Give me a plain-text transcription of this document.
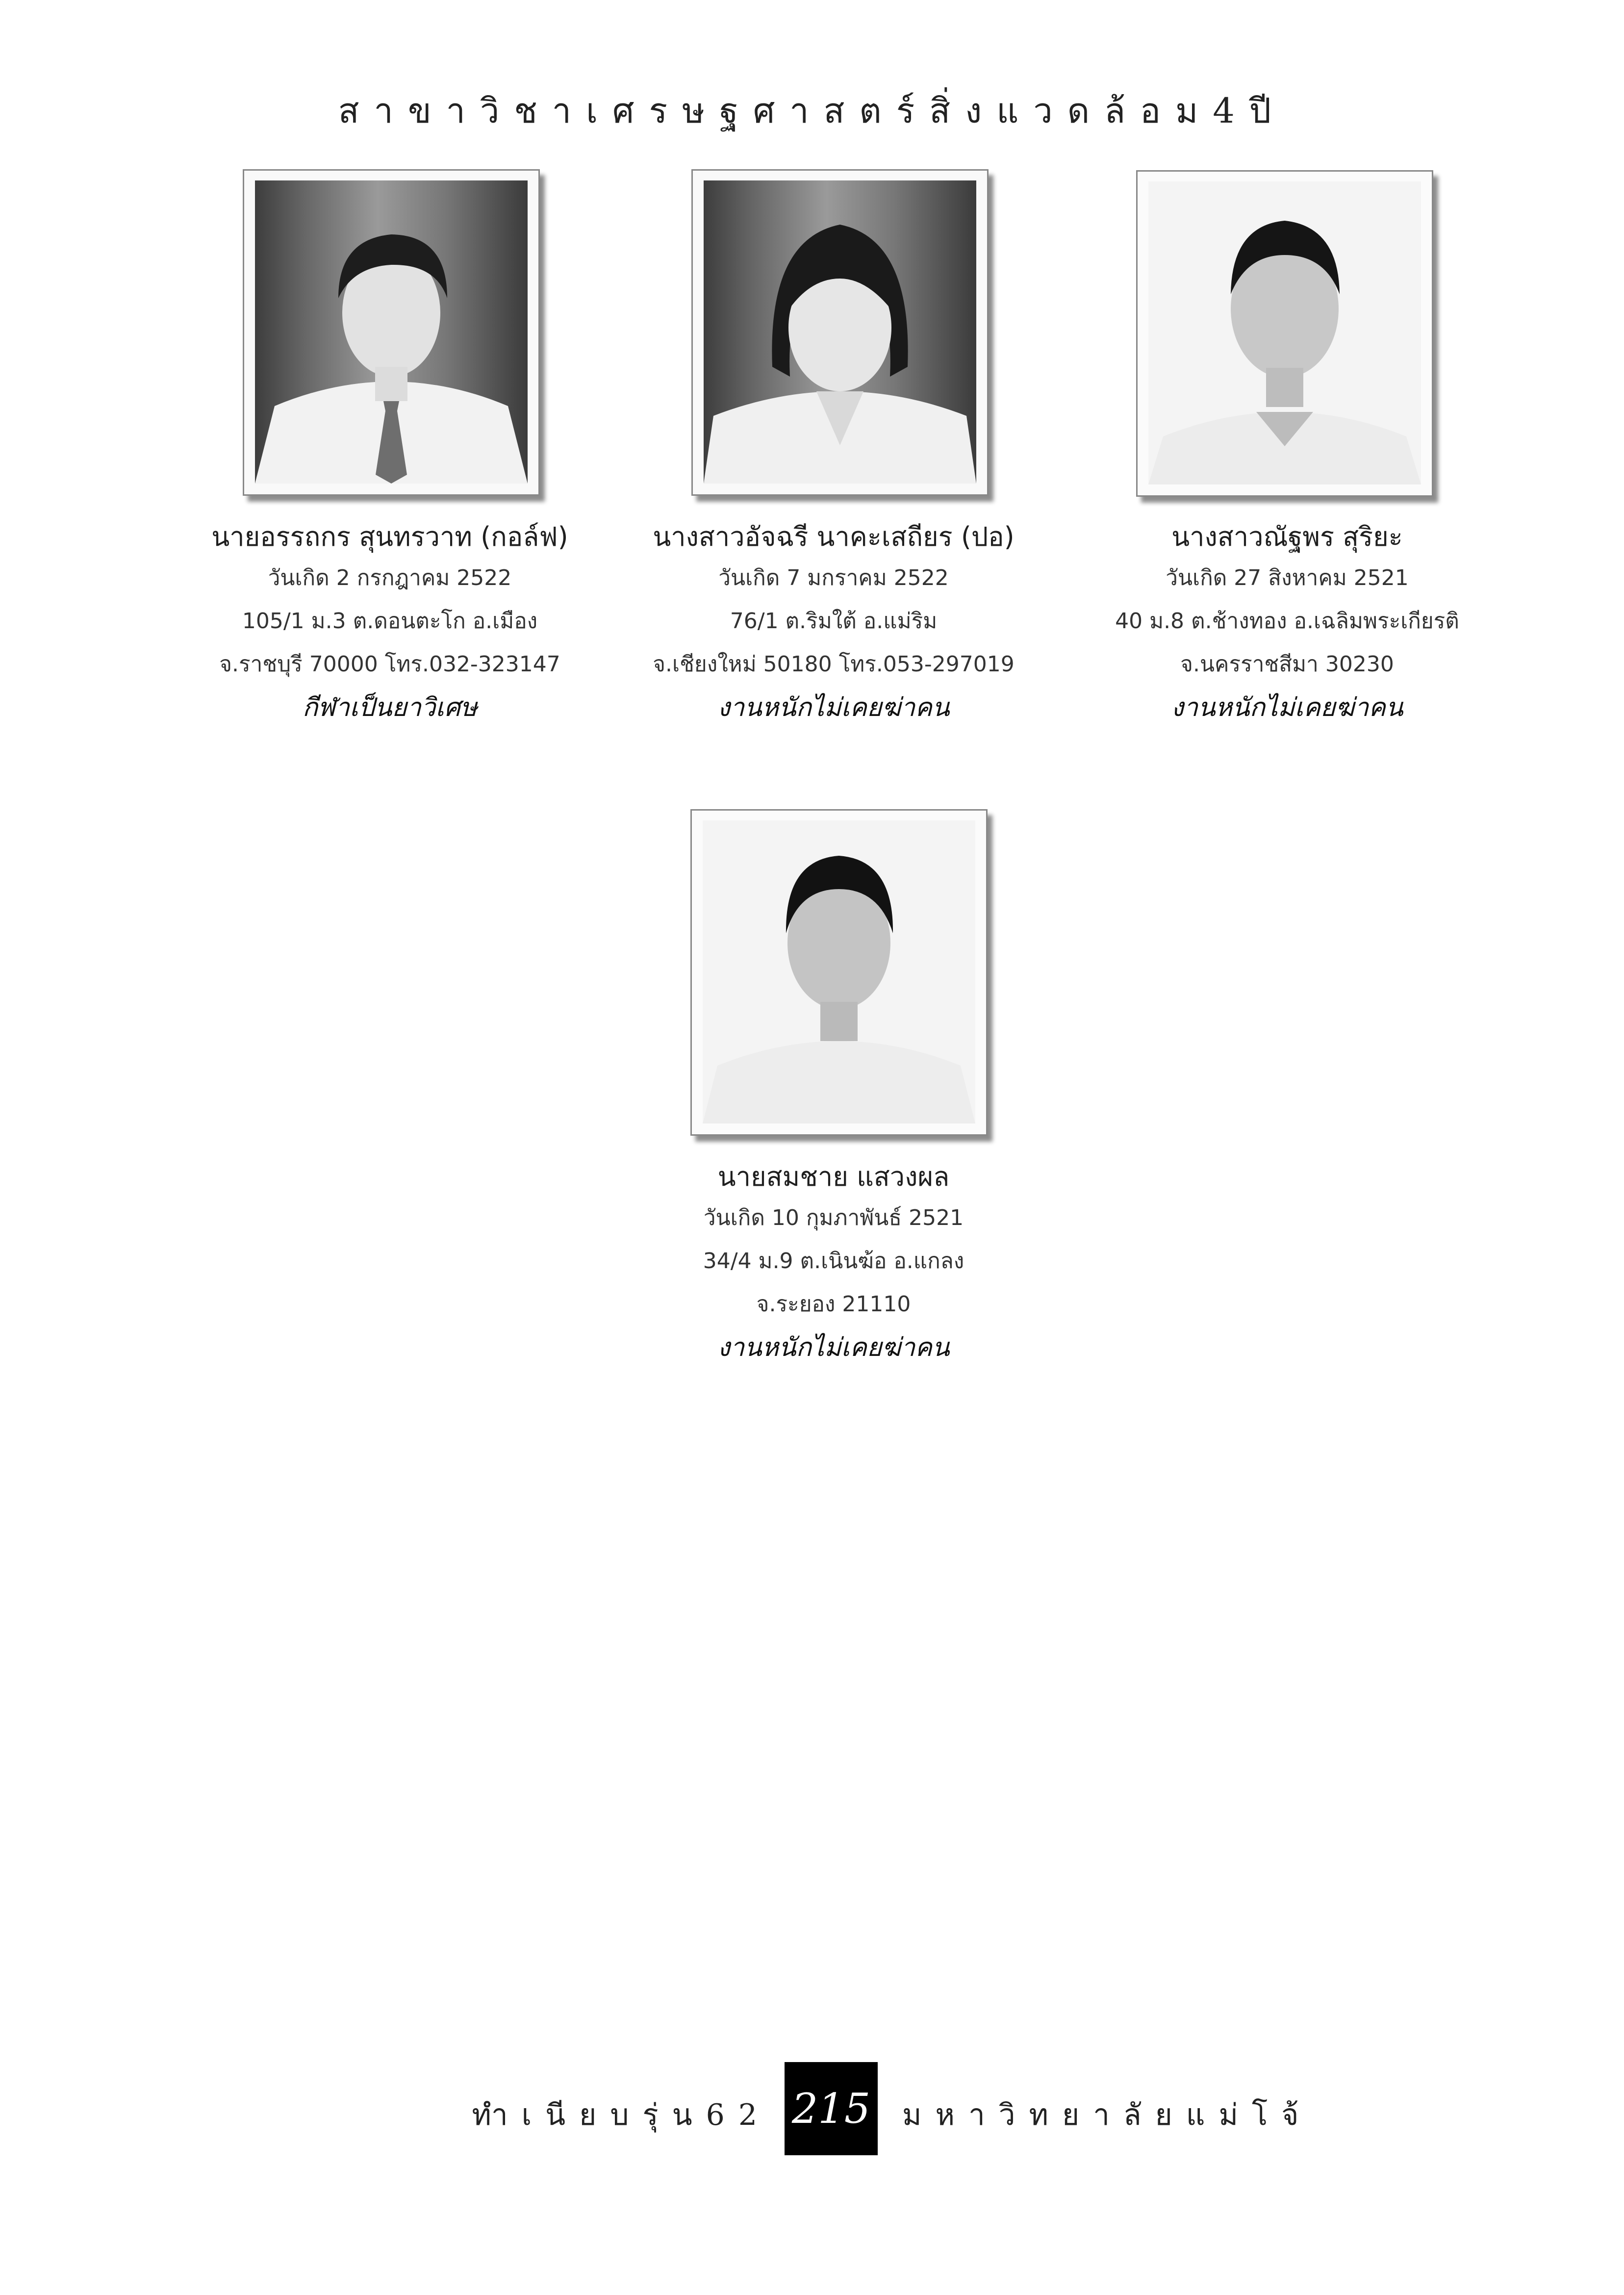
สาขาวิชาเศรษฐศาสตร์สิ่งแวดล้อม4ปี
นายอรรถกร สุนทรวาท (กอล์ฟ)
วันเกิด 2 กรกฎาคม 2522
105/1 ม.3 ต.ดอนตะโก อ.เมือง
จ.ราชบุรี 70000 โทร.032-323147
กีฬาเป็นยาวิเศษ
นางสาวอัจฉรี นาคะเสถียร (ปอ)
วันเกิด 7 มกราคม 2522
76/1 ต.ริมใต้ อ.แม่ริม
จ.เชียงใหม่ 50180 โทร.053-297019
งานหนักไม่เคยฆ่าคน
นางสาวณัฐพร สุริยะ
วันเกิด 27 สิงหาคม 2521
40 ม.8 ต.ช้างทอง อ.เฉลิมพระเกียรติ
จ.นครราชสีมา 30230
งานหนักไม่เคยฆ่าคน
นายสมชาย แสวงผล
วันเกิด 10 กุมภาพันธ์ 2521
34/4 ม.9 ต.เนินฆ้อ อ.แกลง
จ.ระยอง 21110
งานหนักไม่เคยฆ่าคน
ทำเนียบรุ่น62 215 มหาวิทยาลัยแม่โจ้
